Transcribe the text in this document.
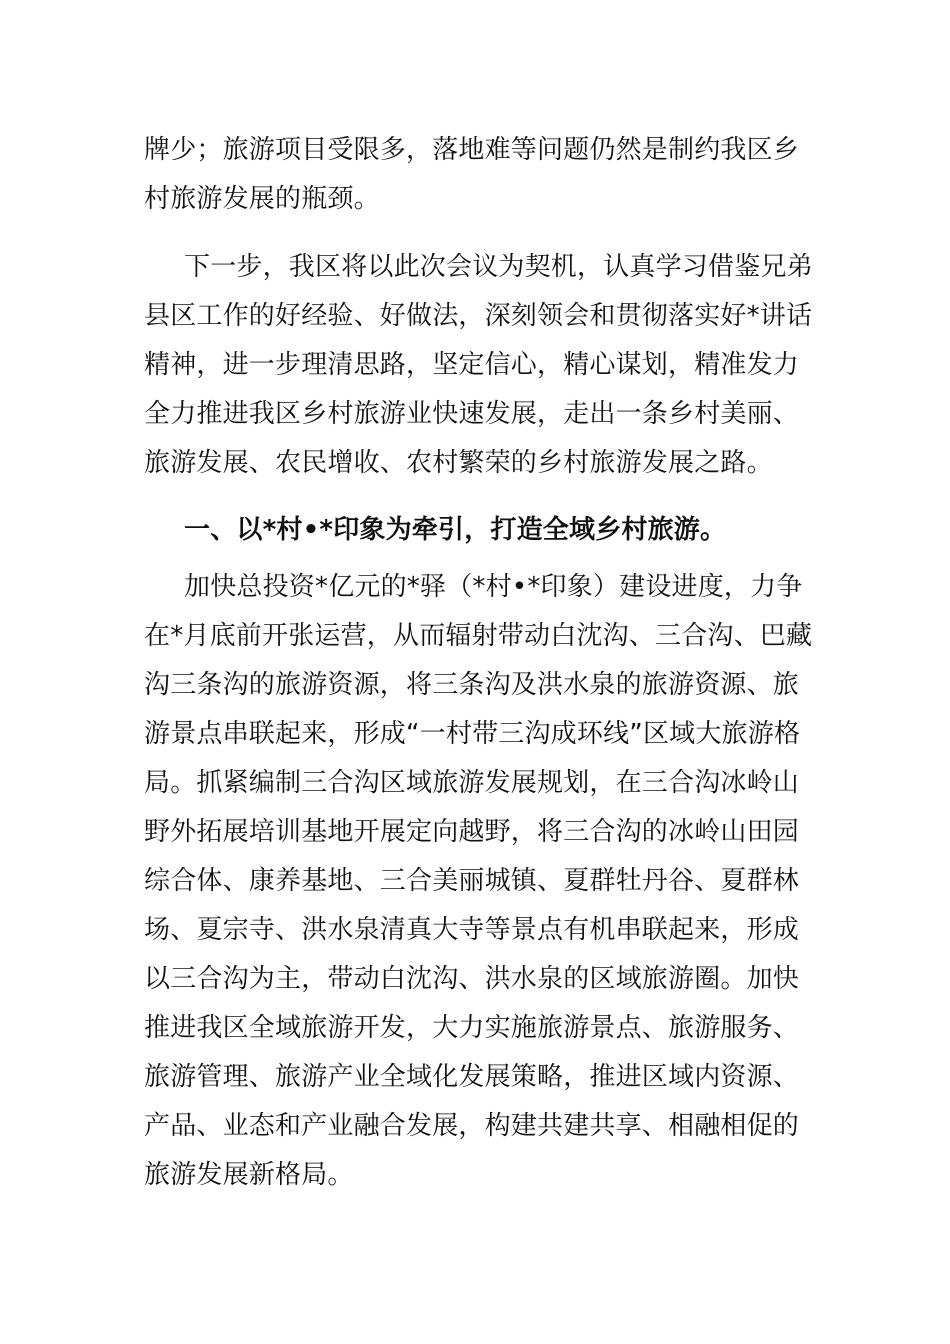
牌少；旅游项目受限多，落地难等问题仍然是制约我区乡村旅游发展的瓶颈。

下一步，我区将以此次会议为契机，认真学习借鉴兄弟县区工作的好经验、好做法，深刻领会和贯彻落实好*讲话精神，进一步理清思路，坚定信心，精心谋划，精准发力全力推进我区乡村旅游业快速发展，走出一条乡村美丽、旅游发展、农民增收、农村繁荣的乡村旅游发展之路。

一、以*村•*印象为牵引，打造全域乡村旅游。

加快总投资*亿元的*驿（*村•*印象）建设进度，力争在*月底前开张运营，从而辐射带动白沈沟、三合沟、巴藏沟三条沟的旅游资源，将三条沟及洪水泉的旅游资源、旅游景点串联起来，形成“一村带三沟成环线”区域大旅游格局。抓紧编制三合沟区域旅游发展规划，在三合沟冰岭山野外拓展培训基地开展定向越野，将三合沟的冰岭山田园综合体、康养基地、三合美丽城镇、夏群牡丹谷、夏群林场、夏宗寺、洪水泉清真大寺等景点有机串联起来，形成以三合沟为主，带动白沈沟、洪水泉的区域旅游圈。加快推进我区全域旅游开发，大力实施旅游景点、旅游服务、旅游管理、旅游产业全域化发展策略，推进区域内资源、产品、业态和产业融合发展，构建共建共享、相融相促的旅游发展新格局。
